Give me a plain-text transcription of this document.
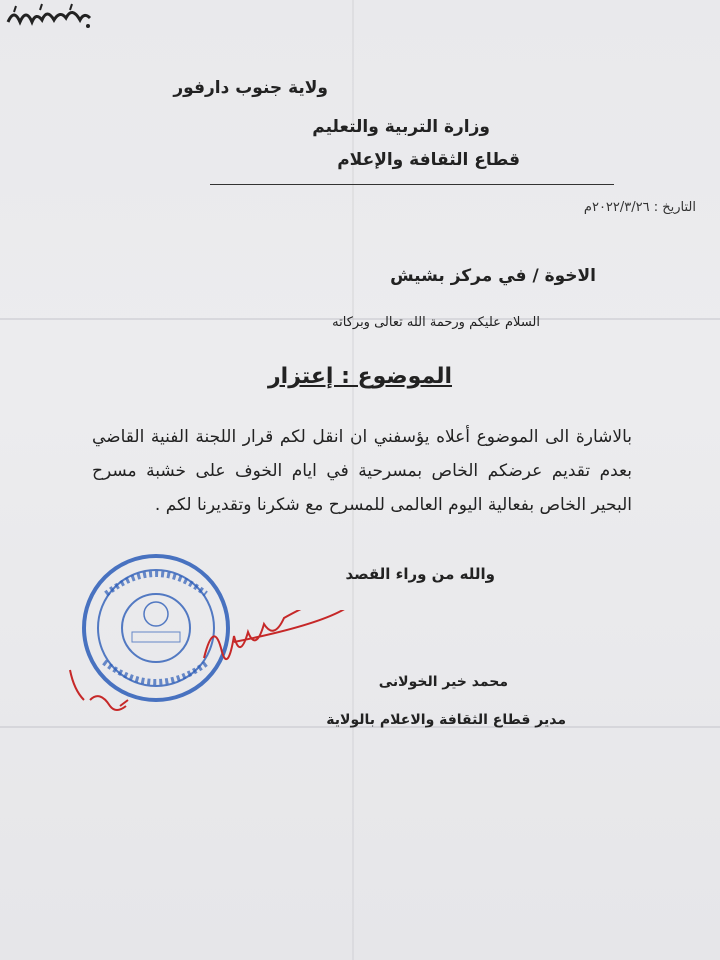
ولاية جنوب دارفور
وزارة التربية والتعليم
قطاع الثقافة والإعلام
التاريخ : ٢٠٢٢/٣/٢٦م
الاخوة / في مركز بشيش
السلام عليكم ورحمة الله تعالى وبركاته
الموضوع : إعتزار
بالاشارة الى الموضوع أعلاه يؤسفني ان انقل لكم قرار اللجنة الفنية القاضي بعدم تقديم عرضكم الخاص بمسرحية في ايام الخوف على خشبة مسرح البحير الخاص بفعالية اليوم العالمى للمسرح مع شكرنا وتقديرنا لكم .
والله من وراء القصد
محمد خير الخولانى
مدير قطاع الثقافة والاعلام بالولاية
